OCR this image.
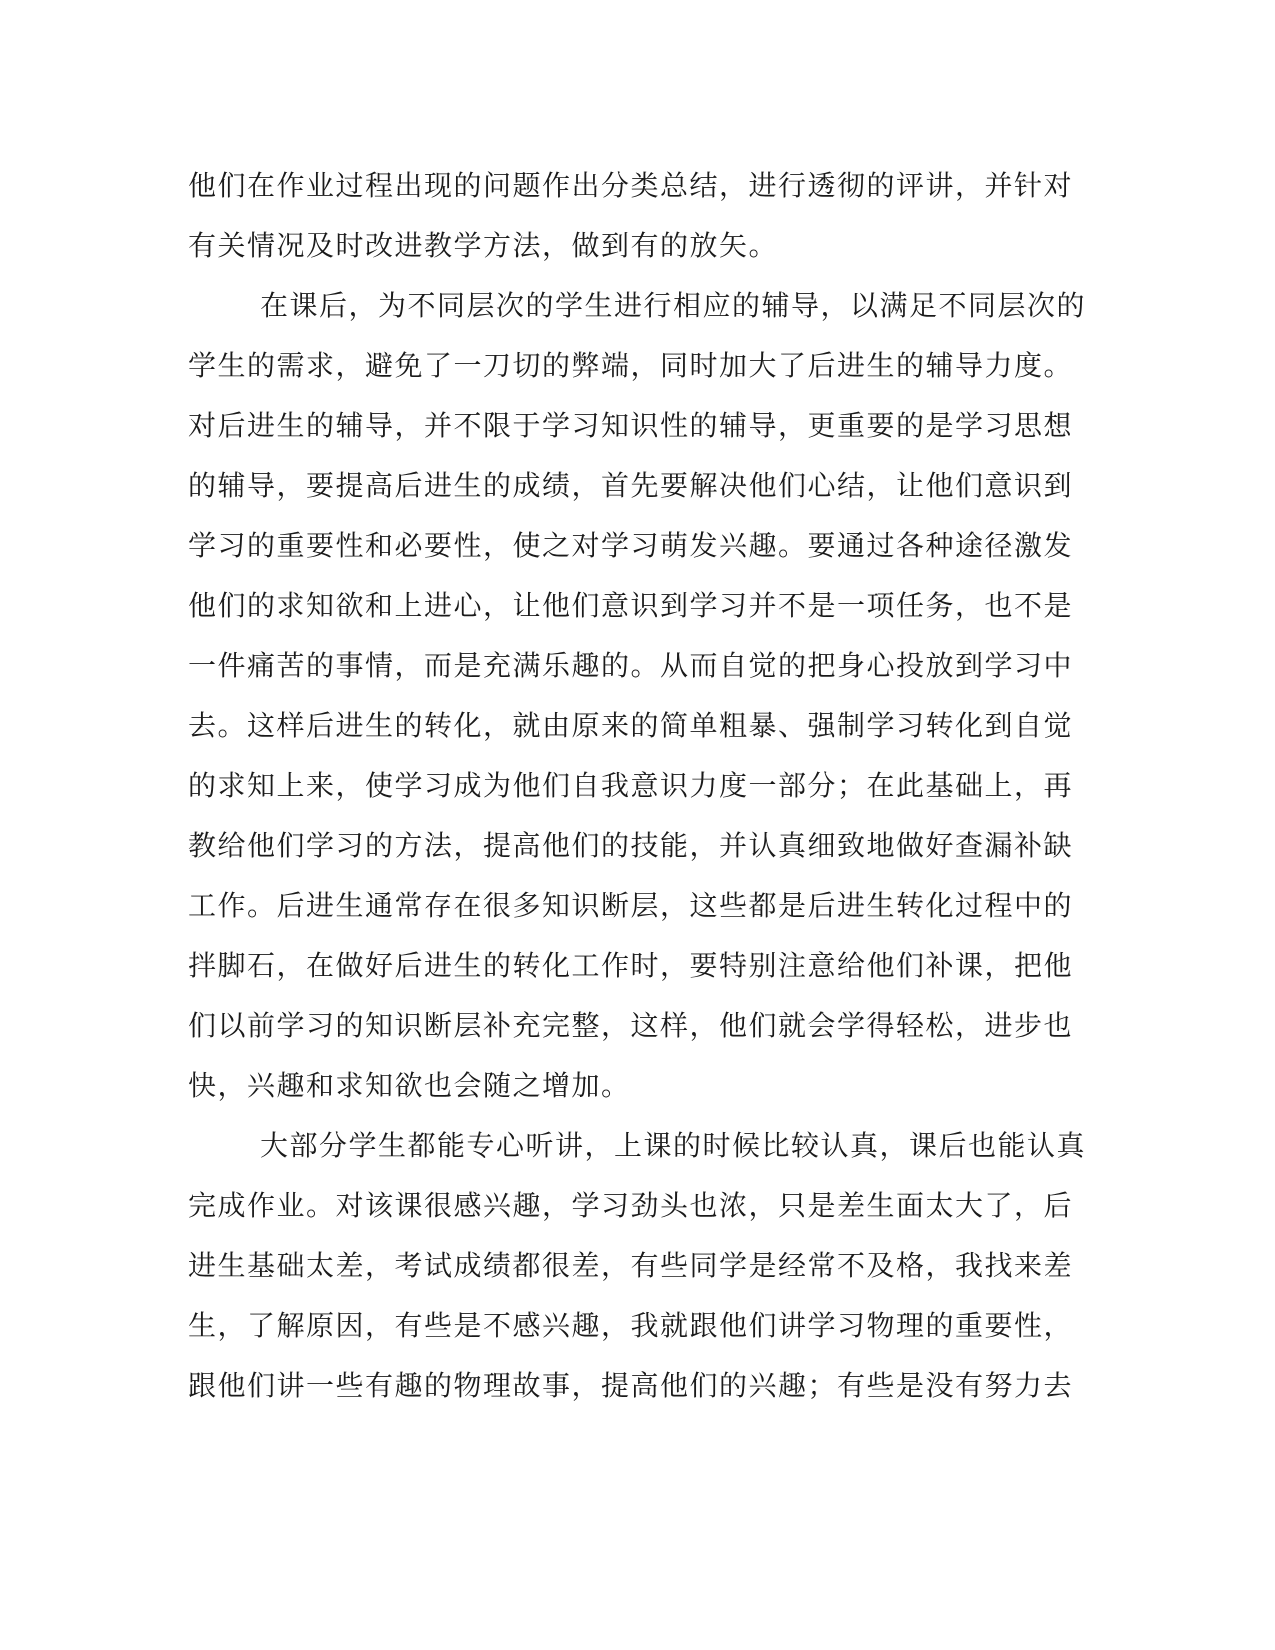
他们在作业过程出现的问题作出分类总结，进行透彻的评讲，并针对
有关情况及时改进教学方法，做到有的放矢。
在课后，为不同层次的学生进行相应的辅导，以满足不同层次的
学生的需求，避免了一刀切的弊端，同时加大了后进生的辅导力度。
对后进生的辅导，并不限于学习知识性的辅导，更重要的是学习思想
的辅导，要提高后进生的成绩，首先要解决他们心结，让他们意识到
学习的重要性和必要性，使之对学习萌发兴趣。要通过各种途径激发
他们的求知欲和上进心，让他们意识到学习并不是一项任务，也不是
一件痛苦的事情，而是充满乐趣的。从而自觉的把身心投放到学习中
去。这样后进生的转化，就由原来的简单粗暴、强制学习转化到自觉
的求知上来，使学习成为他们自我意识力度一部分；在此基础上，再
教给他们学习的方法，提高他们的技能，并认真细致地做好查漏补缺
工作。后进生通常存在很多知识断层，这些都是后进生转化过程中的
拌脚石，在做好后进生的转化工作时，要特别注意给他们补课，把他
们以前学习的知识断层补充完整，这样，他们就会学得轻松，进步也
快，兴趣和求知欲也会随之增加。
大部分学生都能专心听讲，上课的时候比较认真，课后也能认真
完成作业。对该课很感兴趣，学习劲头也浓，只是差生面太大了，后
进生基础太差，考试成绩都很差，有些同学是经常不及格，我找来差
生，了解原因，有些是不感兴趣，我就跟他们讲学习物理的重要性，
跟他们讲一些有趣的物理故事，提高他们的兴趣；有些是没有努力去
